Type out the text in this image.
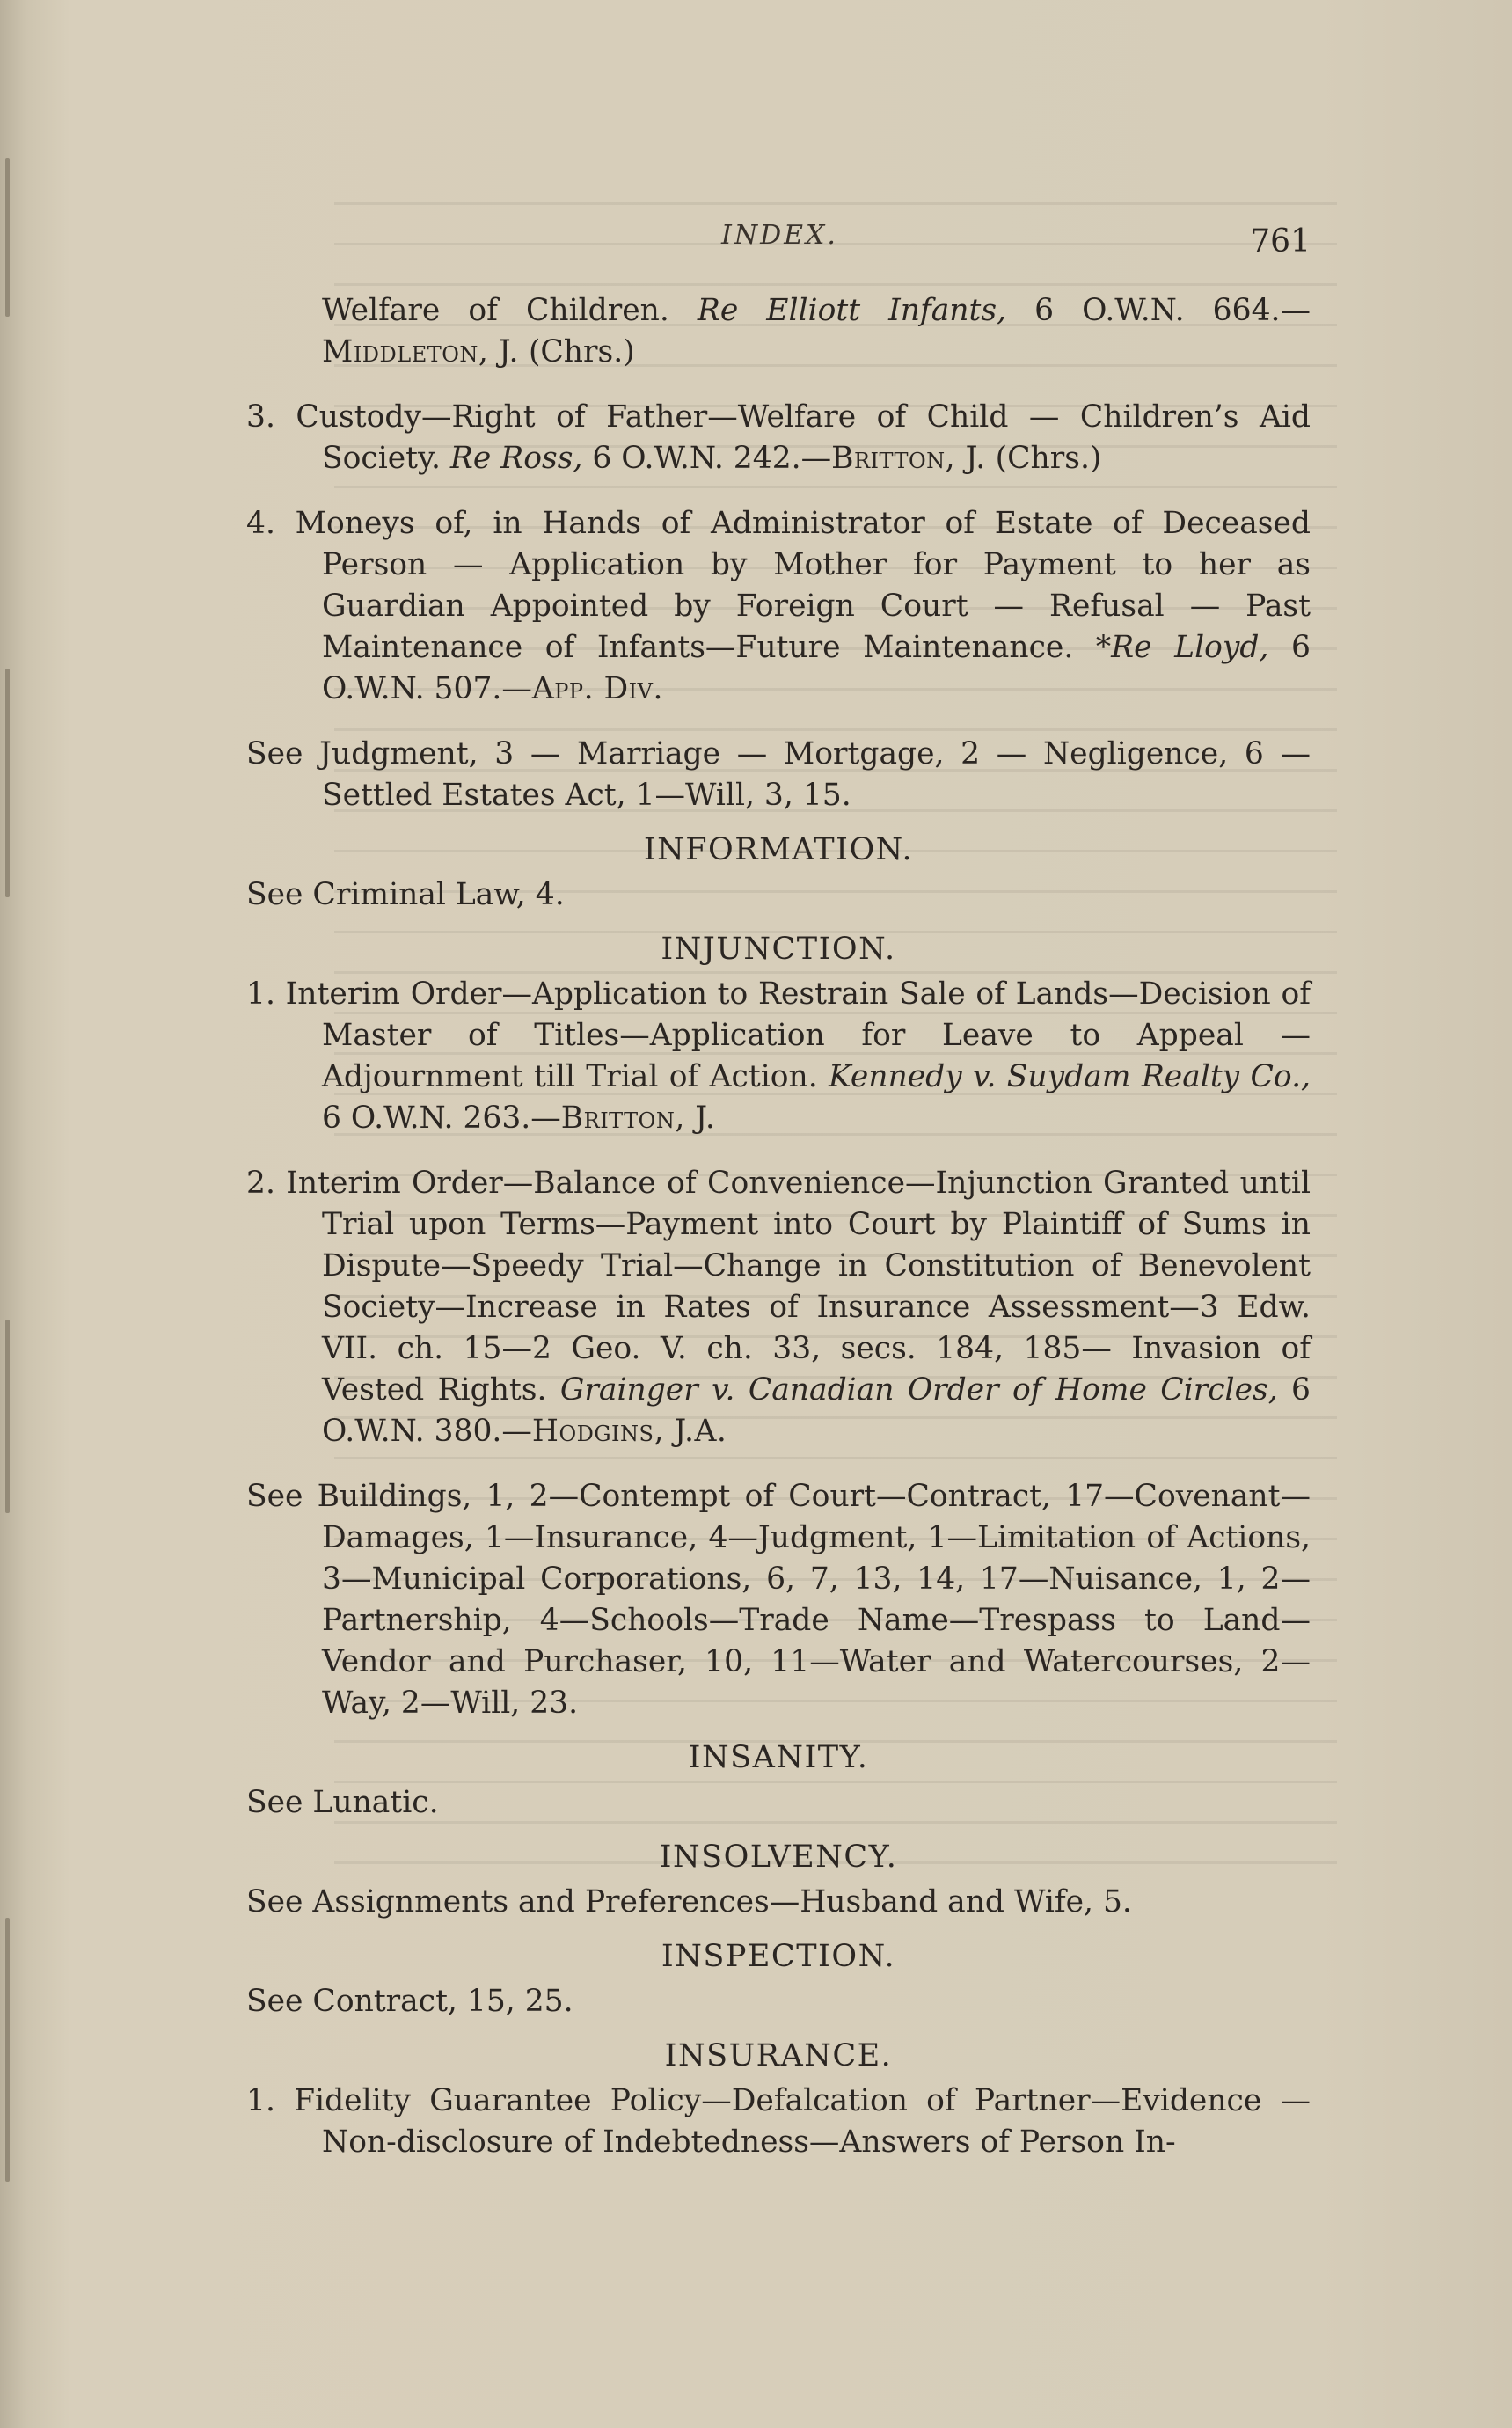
INDEX.	761

Welfare of Children. Re Elliott Infants, 6 O.W.N. 664.—Middleton, J. (Chrs.)

3. Custody—Right of Father—Welfare of Child — Children’s Aid Society. Re Ross, 6 O.W.N. 242.—Britton, J. (Chrs.)

4. Moneys of, in Hands of Administrator of Estate of Deceased Person — Application by Mother for Payment to her as Guardian Appointed by Foreign Court — Refusal — Past Maintenance of Infants—Future Maintenance. *Re Lloyd, 6 O.W.N. 507.—App. Div.

See Judgment, 3 — Marriage — Mortgage, 2 — Negligence, 6 — Settled Estates Act, 1—Will, 3, 15.

INFORMATION.

See Criminal Law, 4.

INJUNCTION.

1. Interim Order—Application to Restrain Sale of Lands—Decision of Master of Titles—Application for Leave to Appeal —Adjournment till Trial of Action. Kennedy v. Suydam Realty Co., 6 O.W.N. 263.—Britton, J.

2. Interim Order—Balance of Convenience—Injunction Granted until Trial upon Terms—Payment into Court by Plaintiff of Sums in Dispute—Speedy Trial—Change in Constitution of Benevolent Society—Increase in Rates of Insurance Assessment—3 Edw. VII. ch. 15—2 Geo. V. ch. 33, secs. 184, 185— Invasion of Vested Rights. Grainger v. Canadian Order of Home Circles, 6 O.W.N. 380.—Hodgins, J.A.

See Buildings, 1, 2—Contempt of Court—Contract, 17—Covenant—Damages, 1—Insurance, 4—Judgment, 1—Limitation of Actions, 3—Municipal Corporations, 6, 7, 13, 14, 17—Nuisance, 1, 2—Partnership, 4—Schools—Trade Name—Trespass to Land—Vendor and Purchaser, 10, 11—Water and Watercourses, 2—Way, 2—Will, 23.

INSANITY.

See Lunatic.

INSOLVENCY.

See Assignments and Preferences—Husband and Wife, 5.

INSPECTION.

See Contract, 15, 25.

INSURANCE.

1. Fidelity Guarantee Policy—Defalcation of Partner—Evidence —Non-disclosure of Indebtedness—Answers of Person In-
